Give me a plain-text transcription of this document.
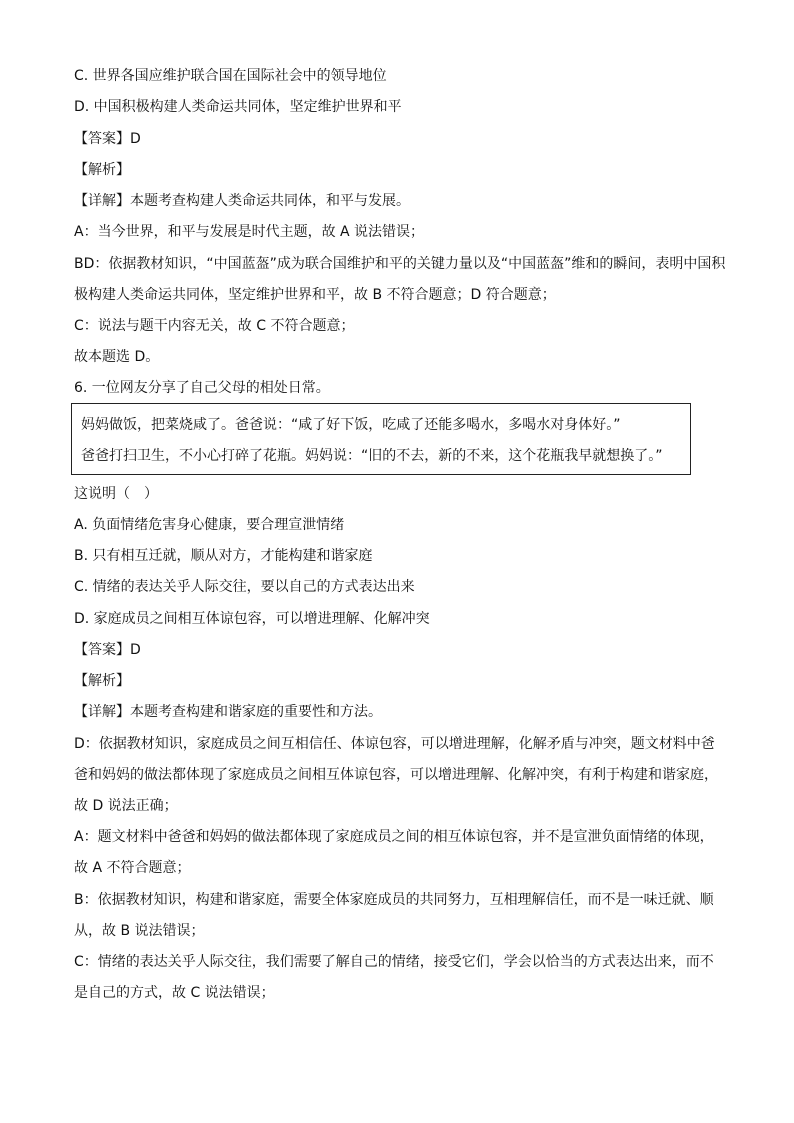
C. 世界各国应维护联合国在国际社会中的领导地位
D. 中国积极构建人类命运共同体，坚定维护世界和平
【答案】D
【解析】
【详解】本题考查构建人类命运共同体，和平与发展。
A：当今世界，和平与发展是时代主题，故 A 说法错误；
BD：依据教材知识，“中国蓝盔”成为联合国维护和平的关键力量以及“中国蓝盔”维和的瞬间，表明中国积
极构建人类命运共同体，坚定维护世界和平，故 B 不符合题意；D 符合题意；
C：说法与题干内容无关，故 C 不符合题意；
故本题选 D。
6. 一位网友分享了自己父母的相处日常。
妈妈做饭，把菜烧咸了。爸爸说：“咸了好下饭，吃咸了还能多喝水，多喝水对身体好。”
爸爸打扫卫生，不小心打碎了花瓶。妈妈说：“旧的不去，新的不来，这个花瓶我早就想换了。”
这说明（　）
A. 负面情绪危害身心健康，要合理宣泄情绪
B. 只有相互迁就，顺从对方，才能构建和谐家庭
C. 情绪的表达关乎人际交往，要以自己的方式表达出来
D. 家庭成员之间相互体谅包容，可以增进理解、化解冲突
【答案】D
【解析】
【详解】本题考查构建和谐家庭的重要性和方法。
D：依据教材知识，家庭成员之间互相信任、体谅包容，可以增进理解，化解矛盾与冲突，题文材料中爸
爸和妈妈的做法都体现了家庭成员之间相互体谅包容，可以增进理解、化解冲突，有利于构建和谐家庭，
故 D 说法正确；
A：题文材料中爸爸和妈妈的做法都体现了家庭成员之间的相互体谅包容，并不是宣泄负面情绪的体现，
故 A 不符合题意；
B：依据教材知识，构建和谐家庭，需要全体家庭成员的共同努力，互相理解信任，而不是一味迁就、顺
从，故 B 说法错误；
C：情绪的表达关乎人际交往，我们需要了解自己的情绪，接受它们，学会以恰当的方式表达出来，而不
是自己的方式，故 C 说法错误；
